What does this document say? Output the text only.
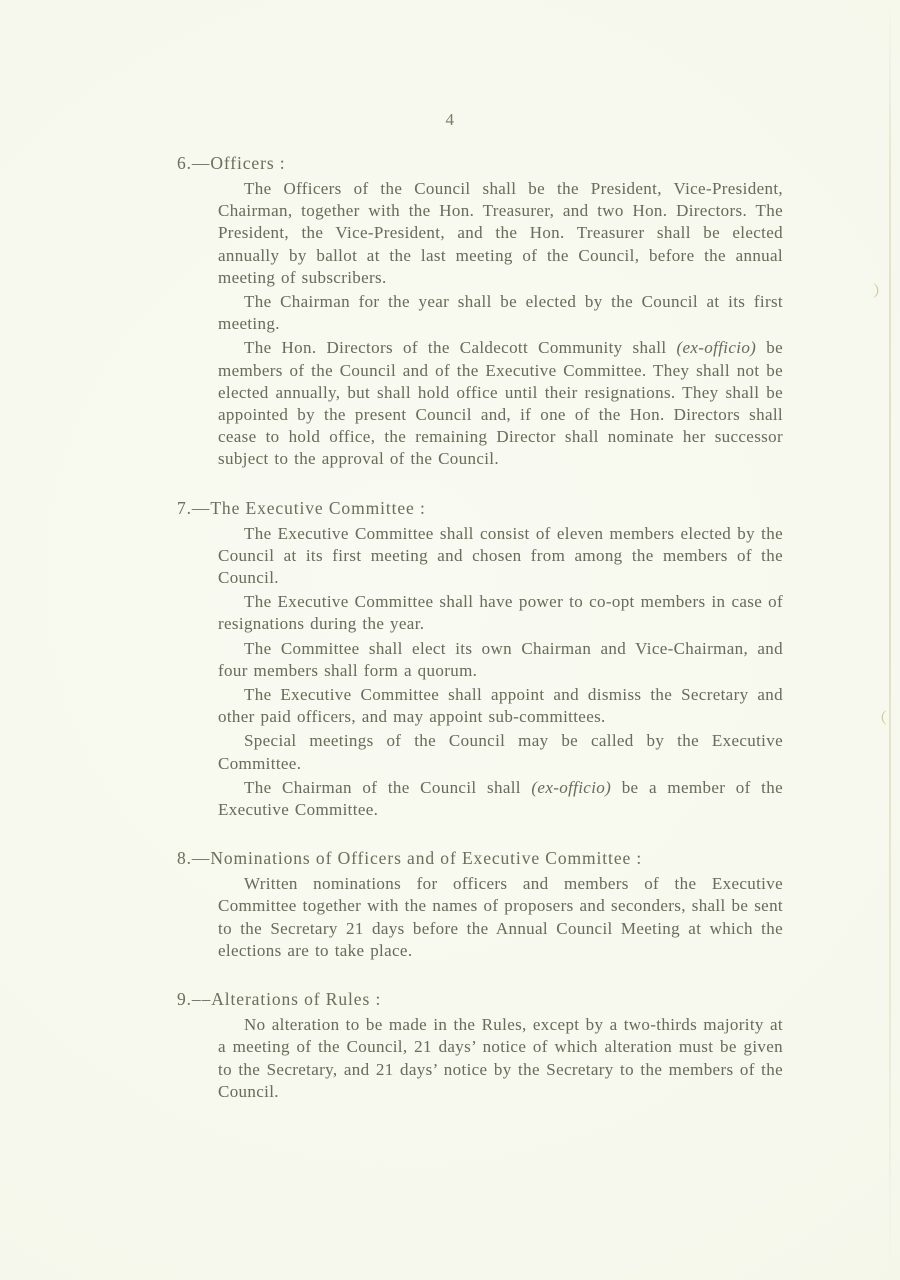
）
（
4
6.—Officers :

The Officers of the Council shall be the President, Vice-President, Chairman, together with the Hon. Treasurer, and two Hon. Directors. The President, the Vice-President, and the Hon. Treasurer shall be elected annually by ballot at the last meeting of the Council, before the annual meeting of subscribers.

The Chairman for the year shall be elected by the Council at its first meeting.

The Hon. Directors of the Caldecott Community shall (ex-officio) be members of the Council and of the Executive Committee. They shall not be elected annually, but shall hold office until their resignations. They shall be appointed by the present Council and, if one of the Hon. Directors shall cease to hold office, the remaining Director shall nominate her successor subject to the approval of the Council.

7.—The Executive Committee :

The Executive Committee shall consist of eleven members elected by the Council at its first meeting and chosen from among the members of the Council.

The Executive Committee shall have power to co-opt members in case of resignations during the year.

The Committee shall elect its own Chairman and Vice-Chairman, and four members shall form a quorum.

The Executive Committee shall appoint and dismiss the Secretary and other paid officers, and may appoint sub-committees.

Special meetings of the Council may be called by the Executive Committee.

The Chairman of the Council shall (ex-officio) be a member of the Executive Committee.

8.—Nominations of Officers and of Executive Committee :

Written nominations for officers and members of the Executive Committee together with the names of proposers and seconders, shall be sent to the Secretary 21 days before the Annual Council Meeting at which the elections are to take place.

9.––Alterations of Rules :

No alteration to be made in the Rules, except by a two-thirds majority at a meeting of the Council, 21 days’ notice of which alteration must be given to the Secretary, and 21 days’ notice by the Secretary to the members of the Council.
